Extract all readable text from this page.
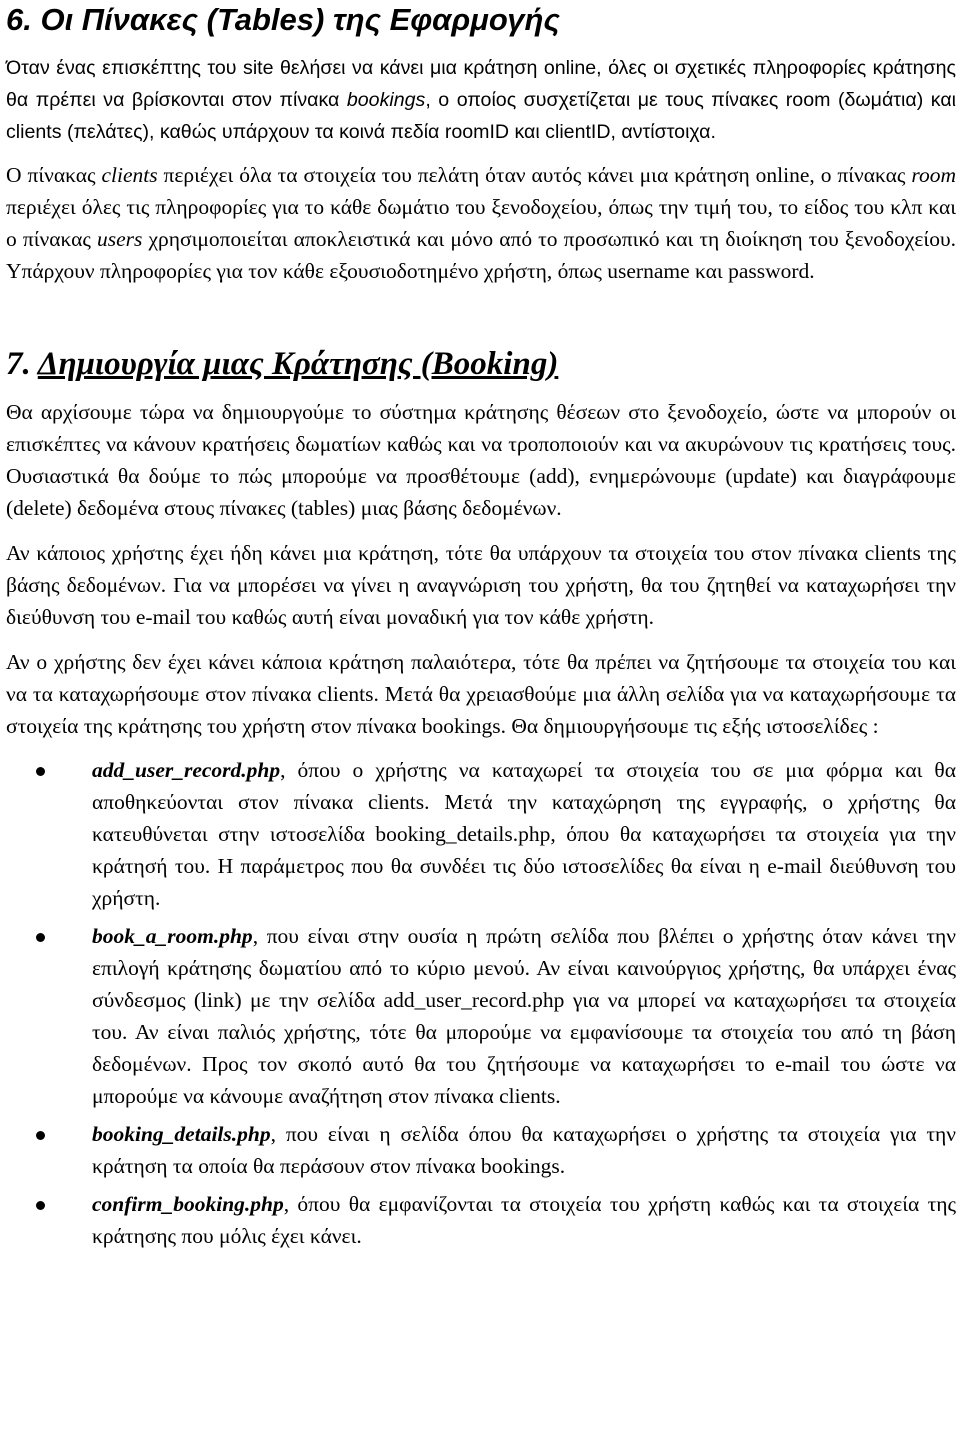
6. Οι Πίνακες (Tables) της Εφαρμογής

Όταν ένας επισκέπτης του site θελήσει να κάνει μια κράτηση online, όλες οι σχετικές πληροφορίες κράτησης θα πρέπει να βρίσκονται στον πίνακα bookings, ο οποίος συσχετίζεται με τους πίνακες room (δωμάτια) και clients (πελάτες), καθώς υπάρχουν τα κοινά πεδία roomID και clientID, αντίστοιχα.

Ο πίνακας clients περιέχει όλα τα στοιχεία του πελάτη όταν αυτός κάνει μια κράτηση online, ο πίνακας room περιέχει όλες τις πληροφορίες για το κάθε δωμάτιο του ξενοδοχείου, όπως την τιμή του, το είδος του κλπ και ο πίνακας users χρησιμοποιείται αποκλειστικά και μόνο από το προσωπικό και τη διοίκηση του ξενοδοχείου. Υπάρχουν πληροφορίες για τον κάθε εξουσιοδοτημένο χρήστη, όπως username και password.

7. Δημιουργία μιας Κράτησης (Booking)

Θα αρχίσουμε τώρα να δημιουργούμε το σύστημα κράτησης θέσεων στο ξενοδοχείο, ώστε να μπορούν οι επισκέπτες να κάνουν κρατήσεις δωματίων καθώς και να τροποποιούν και να ακυρώνουν τις κρατήσεις τους. Ουσιαστικά θα δούμε το πώς μπορούμε να προσθέτουμε (add), ενημερώνουμε (update) και διαγράφουμε (delete) δεδομένα στους πίνακες (tables) μιας βάσης δεδομένων.

Αν κάποιος χρήστης έχει ήδη κάνει μια κράτηση, τότε θα υπάρχουν τα στοιχεία του στον πίνακα clients της βάσης δεδομένων. Για να μπορέσει να γίνει η αναγνώριση του χρήστη, θα του ζητηθεί να καταχωρήσει την διεύθυνση του e-mail του καθώς αυτή είναι μοναδική για τον κάθε χρήστη.

Αν ο χρήστης δεν έχει κάνει κάποια κράτηση παλαιότερα, τότε θα πρέπει να ζητήσουμε τα στοιχεία του και να τα καταχωρήσουμε στον πίνακα clients. Μετά θα χρειασθούμε μια άλλη σελίδα για να καταχωρήσουμε τα στοιχεία της κράτησης του χρήστη στον πίνακα bookings. Θα δημιουργήσουμε τις εξής ιστοσελίδες :

add_user_record.php, όπου ο χρήστης να καταχωρεί τα στοιχεία του σε μια φόρμα και θα αποθηκεύονται στον πίνακα clients. Μετά την καταχώρηση της εγγραφής, ο χρήστης θα κατευθύνεται στην ιστοσελίδα booking_details.php, όπου θα καταχωρήσει τα στοιχεία για την κράτησή του. Η παράμετρος που θα συνδέει τις δύο ιστοσελίδες θα είναι η e-mail διεύθυνση του χρήστη.
book_a_room.php, που είναι στην ουσία η πρώτη σελίδα που βλέπει ο χρήστης όταν κάνει την επιλογή κράτησης δωματίου από το κύριο μενού. Αν είναι καινούργιος χρήστης, θα υπάρχει ένας σύνδεσμος (link) με την σελίδα add_user_record.php για να μπορεί να καταχωρήσει τα στοιχεία του. Αν είναι παλιός χρήστης, τότε θα μπορούμε να εμφανίσουμε τα στοιχεία του από τη βάση δεδομένων. Προς τον σκοπό αυτό θα του ζητήσουμε να καταχωρήσει το e-mail του ώστε να μπορούμε να κάνουμε αναζήτηση στον πίνακα clients.
booking_details.php, που είναι η σελίδα όπου θα καταχωρήσει ο χρήστης τα στοιχεία για την κράτηση τα οποία θα περάσουν στον πίνακα bookings.
confirm_booking.php, όπου θα εμφανίζονται τα στοιχεία του χρήστη καθώς και τα στοιχεία της κράτησης που μόλις έχει κάνει.
